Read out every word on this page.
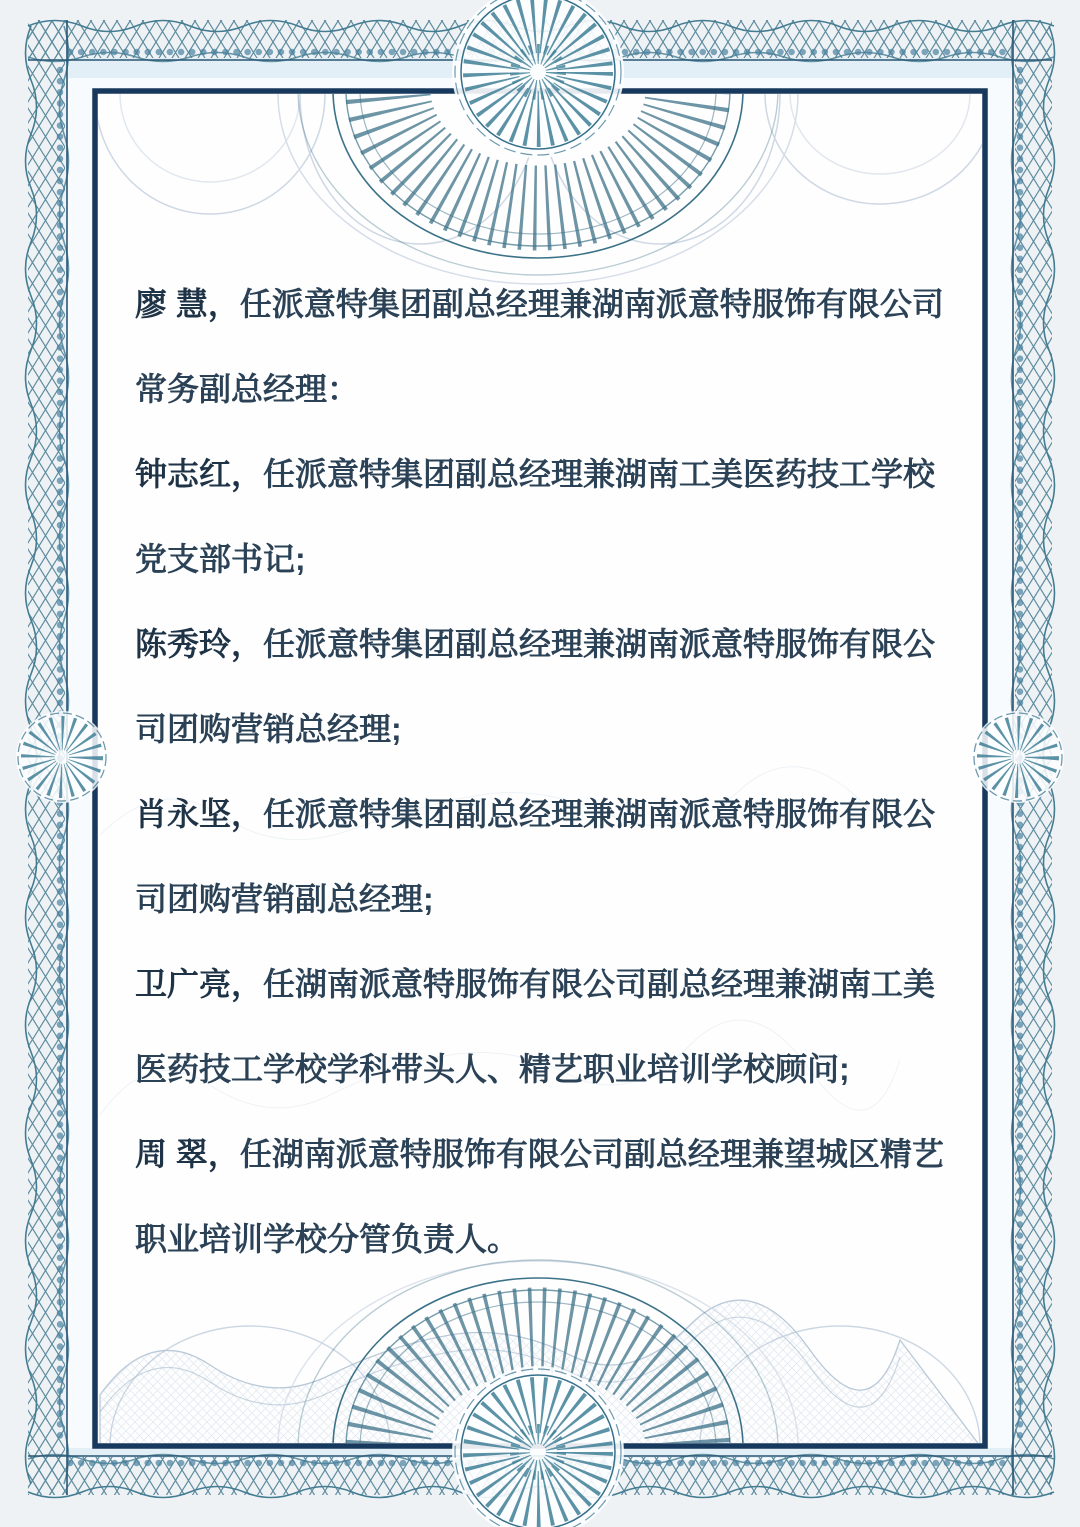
廖 慧，任派意特集团副总经理兼湖南派意特服饰有限公司常务副总经理：

钟志红，任派意特集团副总经理兼湖南工美医药技工学校党支部书记;

陈秀玲，任派意特集团副总经理兼湖南派意特服饰有限公司团购营销总经理;

肖永坚，任派意特集团副总经理兼湖南派意特服饰有限公司团购营销副总经理;

卫广亮，任湖南派意特服饰有限公司副总经理兼湖南工美医药技工学校学科带头人、精艺职业培训学校顾问;

周 翠，任湖南派意特服饰有限公司副总经理兼望城区精艺职业培训学校分管负责人。
